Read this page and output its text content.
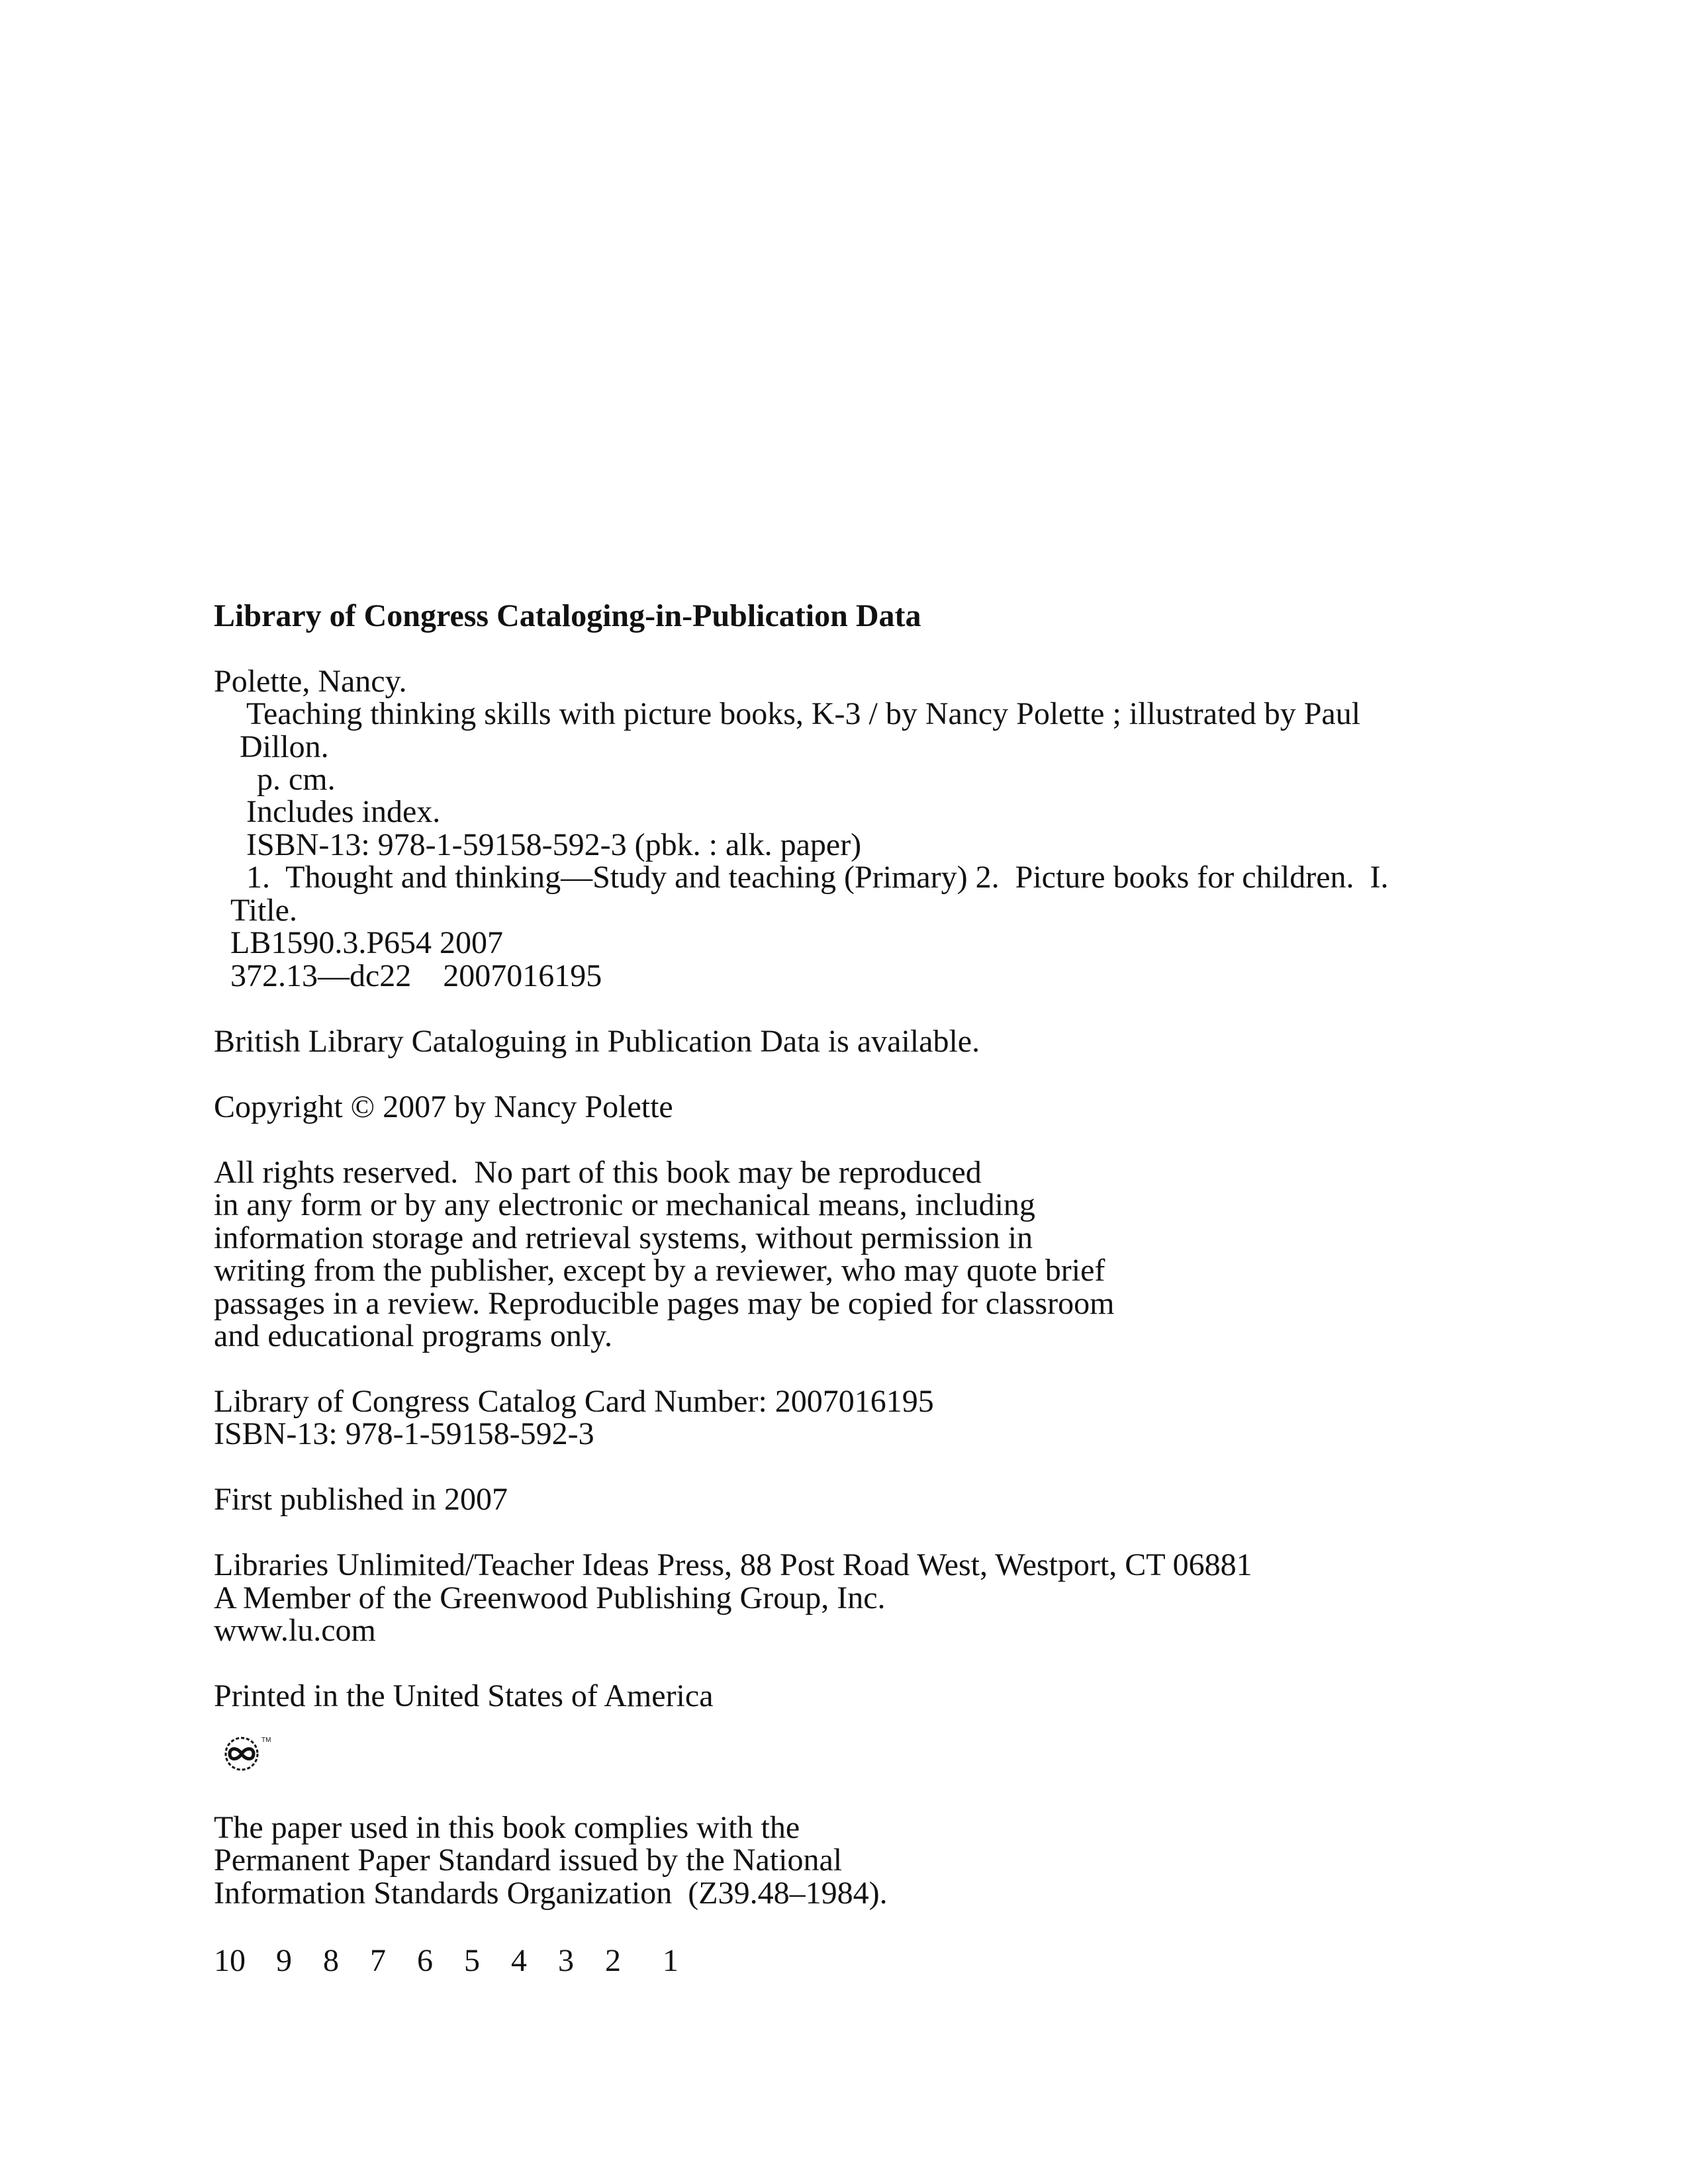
Library of Congress Cataloging-in-Publication Data

Polette, Nancy.

Teaching thinking skills with picture books, K-3 / by Nancy Polette ; illustrated by Paul

Dillon.

p. cm.

Includes index.

ISBN-13: 978-1-59158-592-3 (pbk. : alk. paper)

1.  Thought and thinking—Study and teaching (Primary) 2.  Picture books for children.  I.

Title.

LB1590.3.P654 2007

372.13—dc22    2007016195

British Library Cataloguing in Publication Data is available.

Copyright © 2007 by Nancy Polette

All rights reserved.  No part of this book may be reproduced

in any form or by any electronic or mechanical means, including

information storage and retrieval systems, without permission in

writing from the publisher, except by a reviewer, who may quote brief

passages in a review. Reproducible pages may be copied for classroom

and educational programs only.

Library of Congress Catalog Card Number: 2007016195

ISBN-13: 978-1-59158-592-3

First published in 2007

Libraries Unlimited/Teacher Ideas Press, 88 Post Road West, Westport, CT 06881

A Member of the Greenwood Publishing Group, Inc.

www.lu.com

Printed in the United States of America

TM

The paper used in this book complies with the

Permanent Paper Standard issued by the National

Information Standards Organization  (Z39.48–1984).

10 9 8 7 6 5 4 3 2 1
